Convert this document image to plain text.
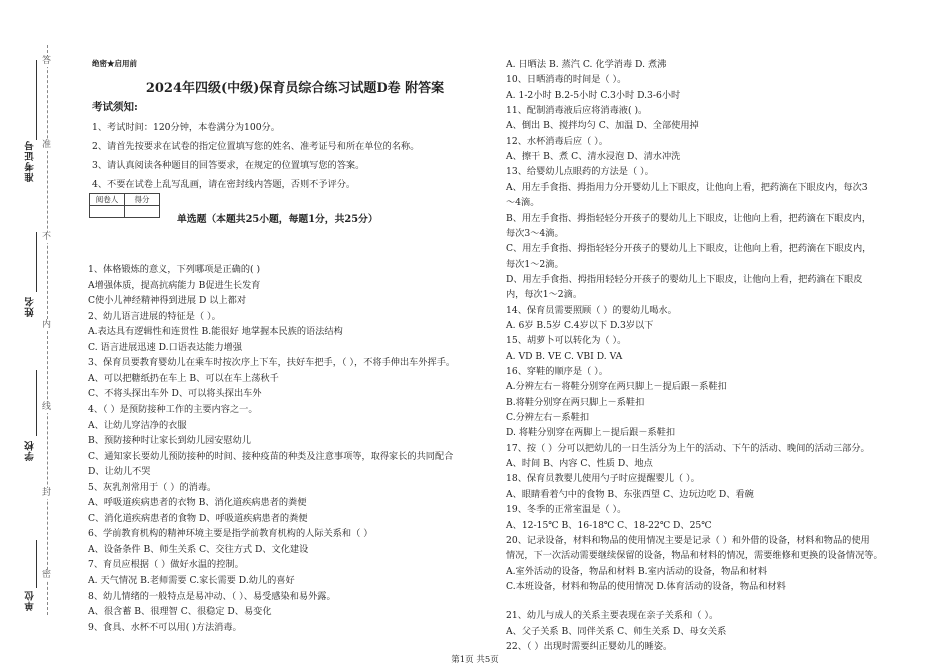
答
准
不
内
线
封
密
准考证号
姓名
学校
单位
绝密★启用前
2024年四级(中级)保育员综合练习试题D卷 附答案
考试须知:
1、考试时间：120分钟，本卷满分为100分。
2、请首先按要求在试卷的指定位置填写您的姓名、准考证号和所在单位的名称。
3、请认真阅读各种题目的回答要求，在规定的位置填写您的答案。
4、不要在试卷上乱写乱画，请在密封线内答题，否则不予评分。
阅卷人	得分

单选题（本题共25小题，每题1分，共25分）
1、体格锻炼的意义，下列哪项是正确的( )
A增强体质，提高抗病能力 B促进生长发育
C使小儿神经精神得到进展 D 以上都对
2、幼儿语言进展的特征是（ ）。
A.表达具有逻辑性和连贯性 B.能很好 地掌握本民族的语法结构
C. 语言进展迅速 D.口语表达能力增强
3、保育员要教育婴幼儿在乘车时按次序上下车，扶好车把手，（ ），不将手伸出车外挥手。
A、可以把糖纸扔在车上 B、可以在车上荡秋千
C、不将头探出车外 D、可以将头探出车外
4、（ ）是预防接种工作的主要内容之一。
A、让幼儿穿洁净的衣服
B、预防接种时让家长到幼儿园安慰幼儿
C、通知家长要幼儿预防接种的时间、接种疫苗的种类及注意事项等，取得家长的共同配合
D、让幼儿不哭
5、灰乳剂常用于（ ）的消毒。
A、呼吸道疾病患者的衣物 B、消化道疾病患者的粪便
C、消化道疾病患者的食物 D、呼吸道疾病患者的粪便
6、学前教育机构的精神环境主要是指学前教育机构的人际关系和（ ）
A、设备条件 B、师生关系 C、交往方式 D、文化建设
7、育员应根据（ ）做好水温的控制。
A. 天气情况 B.老师需要 C.家长需要 D.幼儿的喜好
8、幼儿情绪的一般特点是易冲动、（ ）、易受感染和易外露。
A、很含蓄 B、很理智 C、很稳定 D、易变化
9、食具、水杯不可以用( )方法消毒。
A. 日晒法 B. 蒸汽 C. 化学消毒 D. 煮沸
10、日晒消毒的时间是（ ）。
A. 1-2小时 B.2-5小时 C.3小时 D.3-6小时
11、配制消毒液后应将消毒液( )。
A、倒出 B、搅拌均匀 C、加温 D、全部使用掉
12、水杯消毒后应（ ）。
A、擦干 B、煮 C、清水浸泡 D、清水冲洗
13、给婴幼儿点眼药的方法是（ ）。
A、用左手食指、拇指用力分开婴幼儿上下眼皮，让他向上看，把药滴在下眼皮内，每次3
～4滴。
B、用左手食指、拇指轻轻分开孩子的婴幼儿上下眼皮，让他向上看，把药滴在下眼皮内，
每次3～4滴。
C、用左手食指、拇指轻轻分开孩子的婴幼儿上下眼皮，让他向上看，把药滴在下眼皮内，
每次1～2滴。
D、用左手食指、拇指用轻轻分开孩子的婴幼儿上下眼皮，让他向上看，把药滴在下眼皮
内，每次1～2滴。
14、保育员需要照顾（ ）的婴幼儿喝水。
A. 6岁 B.5岁 C.4岁以下 D.3岁以下
15、胡萝卜可以转化为（ ）。
A. VD B. VE C. VBI D. VA
16、穿鞋的顺序是（ ）。
A.分辨左右－将鞋分别穿在两只脚上－提后跟－系鞋扣
B.将鞋分别穿在两只脚上－系鞋扣
C.分辨左右－系鞋扣
D. 将鞋分别穿在两脚上－提后跟－系鞋扣
17、按（ ）分可以把幼儿的一日生活分为上午的活动、下午的活动、晚间的活动三部分。
A、时间 B、内容 C、性质 D、地点
18、保育员教婴儿使用勺子时应提醒婴儿（ ）。
A、眼睛看着勺中的食物 B、东张西望 C、边玩边吃 D、看碗
19、冬季的正常室温是（ ）。
A、12-15℃ B、16-18℃ C、18-22℃ D、25℃
20、记录设备，材料和物品的使用情况主要是记录（ ）和外借的设备，材料和物品的使用
情况，下一次活动需要继续保留的设备，物品和材料的情况，需要维修和更换的设备情况等。
A.室外活动的设备，物品和材料 B.室内活动的设备，物品和材料
C.本班设备，材料和物品的使用情况 D.体育活动的设备，物品和材料
21、幼儿与成人的关系主要表现在亲子关系和（ ）。
A、父子关系 B、同伴关系 C、师生关系 D、母女关系
22、（ ）出现时需要纠正婴幼儿的睡姿。
第1页 共5页
